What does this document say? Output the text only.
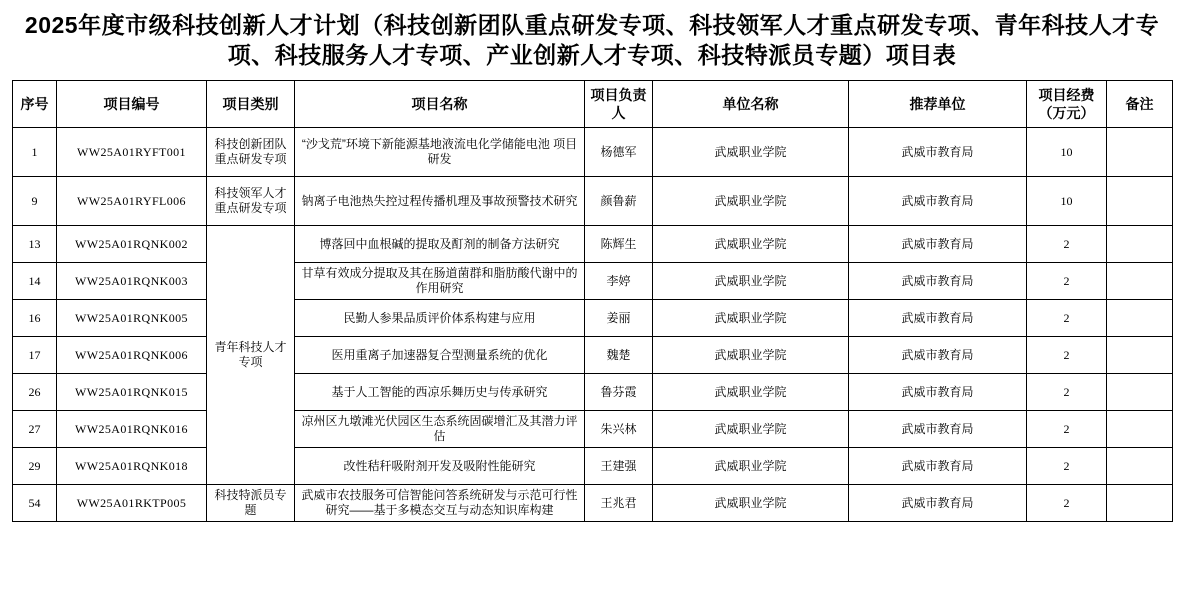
2025年度市级科技创新人才计划（科技创新团队重点研发专项、科技领军人才重点研发专项、青年科技人才专项、科技服务人才专项、产业创新人才专项、科技特派员专题）项目表
序号	项目编号	项目类别	项目名称	项目负责人	单位名称	推荐单位	项目经费（万元）	备注
1	WW25A01RYFT001	科技创新团队重点研发专项	“沙戈荒”环境下新能源基地液流电化学储能电池 项目研发	杨德军	武威职业学院	武威市教育局	10	
9	WW25A01RYFL006	科技领军人才重点研发专项	钠离子电池热失控过程传播机理及事故预警技术研究	颜鲁薪	武威职业学院	武威市教育局	10	
13	WW25A01RQNK002	青年科技人才专项	博落回中血根碱的提取及酊剂的制备方法研究	陈辉生	武威职业学院	武威市教育局	2	
14	WW25A01RQNK003		甘草有效成分提取及其在肠道菌群和脂肪酸代谢中的作用研究	李婷	武威职业学院	武威市教育局	2	
16	WW25A01RQNK005		民勤人参果品质评价体系构建与应用	姜丽	武威职业学院	武威市教育局	2	
17	WW25A01RQNK006		医用重离子加速器复合型测量系统的优化	魏楚	武威职业学院	武威市教育局	2	
26	WW25A01RQNK015		基于人工智能的西凉乐舞历史与传承研究	鲁芬霞	武威职业学院	武威市教育局	2	
27	WW25A01RQNK016		凉州区九墩滩光伏园区生态系统固碳增汇及其潜力评估	朱兴林	武威职业学院	武威市教育局	2	
29	WW25A01RQNK018		改性秸秆吸附剂开发及吸附性能研究	王建强	武威职业学院	武威市教育局	2	
54	WW25A01RKTP005	科技特派员专题	武威市农技服务可信智能问答系统研发与示范可行性研究——基于多模态交互与动态知识库构建	王兆君	武威职业学院	武威市教育局	2	
